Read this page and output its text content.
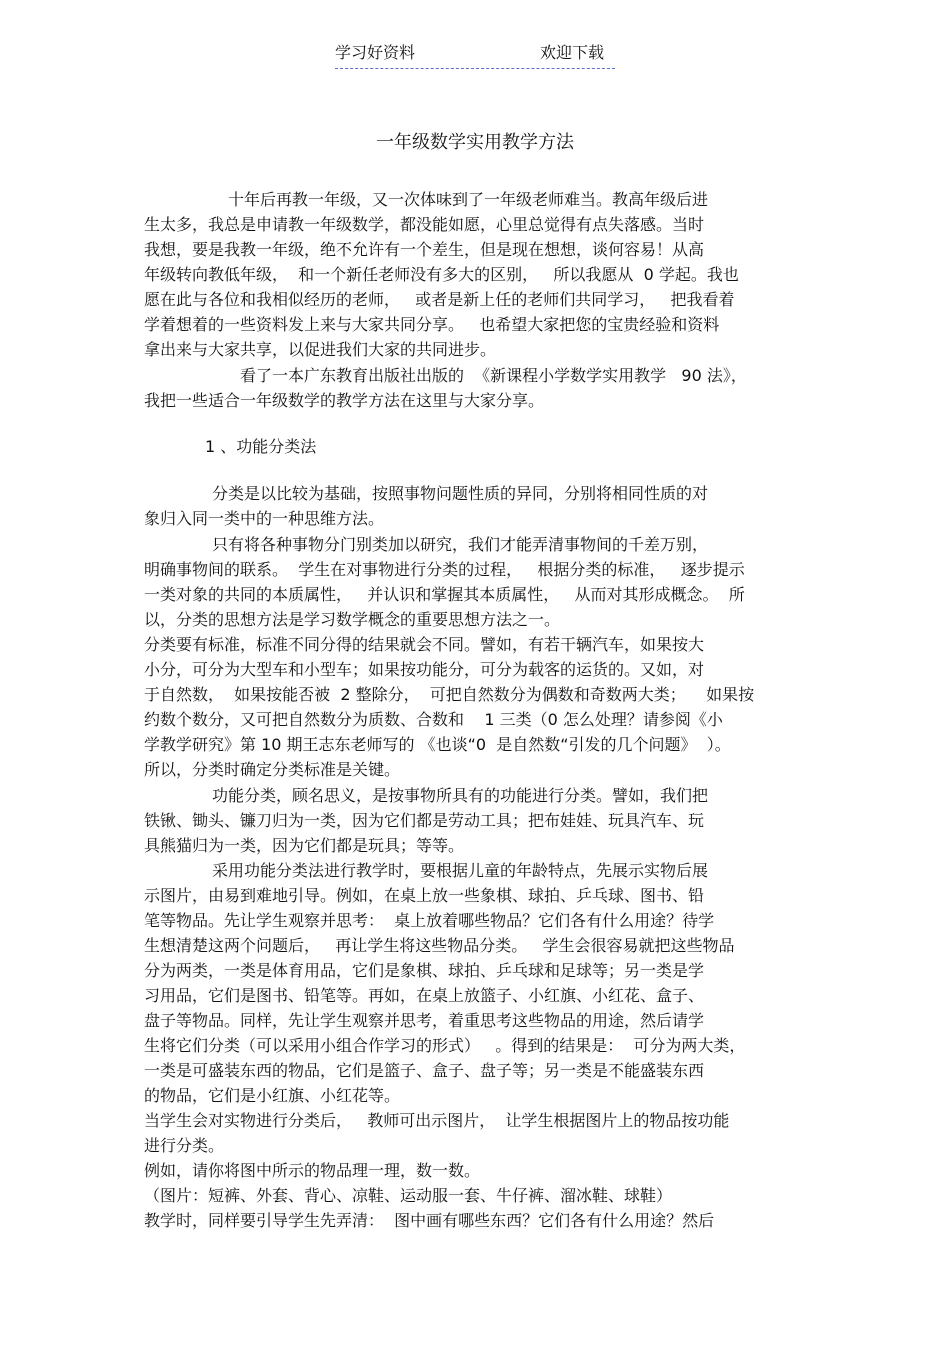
学习好资料	欢迎下载
一年级数学实用教学方法
十年后再教一年级，又一次体味到了一年级老师难当。教高年级后进
生太多，我总是申请教一年级数学，都没能如愿，心里总觉得有点失落感。当时
我想，要是我教一年级，绝不允许有一个差生，但是现在想想，谈何容易！从高
年级转向教低年级，  和一个新任老师没有多大的区别，   所以我愿从  0 学起。我也
愿在此与各位和我相似经历的老师，   或者是新上任的老师们共同学习，   把我看着
学着想着的一些资料发上来与大家共同分享。   也希望大家把您的宝贵经验和资料
拿出来与大家共享，以促进我们大家的共同进步。
看了一本广东教育出版社出版的  《新课程小学数学实用教学   90 法》，
我把一些适合一年级数学的教学方法在这里与大家分享。
1 、功能分类法
分类是以比较为基础，按照事物问题性质的异同，分别将相同性质的对
象归入同一类中的一种思维方法。
只有将各种事物分门别类加以研究，我们才能弄清事物间的千差万别，
明确事物间的联系。  学生在对事物进行分类的过程，   根据分类的标准，   逐步提示
一类对象的共同的本质属性，   并认识和掌握其本质属性，   从而对其形成概念。  所
以，分类的思想方法是学习数学概念的重要思想方法之一。
分类要有标准，标准不同分得的结果就会不同。譬如，有若干辆汽车，如果按大
小分，可分为大型车和小型车；如果按功能分，可分为载客的运货的。又如，对
于自然数，  如果按能否被  2 整除分，  可把自然数分为偶数和奇数两大类；    如果按
约数个数分，又可把自然数分为质数、合数和    1 三类（0 怎么处理？请参阅《小
学教学研究》第 10 期王志东老师写的 《也谈“0  是自然数“引发的几个问题》  ）。
所以，分类时确定分类标准是关键。
功能分类，顾名思义，是按事物所具有的功能进行分类。譬如，我们把
铁锹、锄头、镰刀归为一类，因为它们都是劳动工具；把布娃娃、玩具汽车、玩
具熊猫归为一类，因为它们都是玩具；等等。
采用功能分类法进行教学时，要根据儿童的年龄特点，先展示实物后展
示图片，由易到难地引导。例如，在桌上放一些象棋、球拍、乒乓球、图书、铅
笔等物品。先让学生观察并思考：  桌上放着哪些物品？它们各有什么用途？待学
生想清楚这两个问题后，   再让学生将这些物品分类。   学生会很容易就把这些物品
分为两类，一类是体育用品，它们是象棋、球拍、乒乓球和足球等；另一类是学
习用品，它们是图书、铅笔等。再如，在桌上放篮子、小红旗、小红花、盒子、
盘子等物品。同样，先让学生观察并思考，着重思考这些物品的用途，然后请学
生将它们分类（可以采用小组合作学习的形式）   。得到的结果是：  可分为两大类，
一类是可盛装东西的物品，它们是篮子、盒子、盘子等；另一类是不能盛装东西
的物品，它们是小红旗、小红花等。
当学生会对实物进行分类后，   教师可出示图片，  让学生根据图片上的物品按功能
进行分类。
例如，请你将图中所示的物品理一理，数一数。
（图片：短裤、外套、背心、凉鞋、运动服一套、牛仔裤、溜冰鞋、球鞋）
教学时，同样要引导学生先弄清：  图中画有哪些东西？它们各有什么用途？然后
